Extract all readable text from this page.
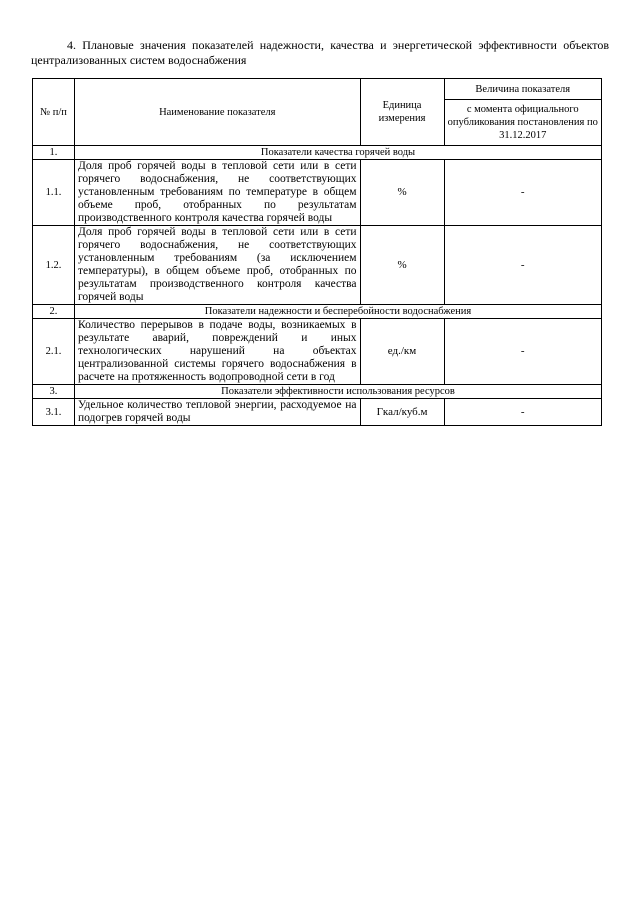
4. Плановые значения показателей надежности, качества и энергетической эффективности объектов централизованных систем водоснабжения

№ п/п	Наименование показателя	Единица измерения	Величина показателя
			с момента официального опубликования постановления по 31.12.2017
1.	Показатели качества горячей воды		
1.1.	Доля проб горячей воды в тепловой сети или в сети горячего водоснабжения, не соответствующих установленным требованиям по температуре в общем объеме проб, отобранных по результатам производственного контроля качества горячей воды	%	-
1.2.	Доля проб горячей воды в тепловой сети или в сети горячего водоснабжения, не соответствующих установленным требованиям (за исключением температуры), в общем объеме проб, отобранных по результатам производственного контроля качества горячей воды	%	-
2.	Показатели надежности и бесперебойности водоснабжения		
2.1.	Количество перерывов в подаче воды, возникаемых в результате аварий, повреждений и иных технологических нарушений на объектах централизованной системы горячего водоснабжения в расчете на протяженность водопроводной сети в год	ед./км	-
3.	Показатели эффективности использования ресурсов		
3.1.	Удельное количество тепловой энергии, расходуемое на подогрев горячей воды	Гкал/куб.м	-
